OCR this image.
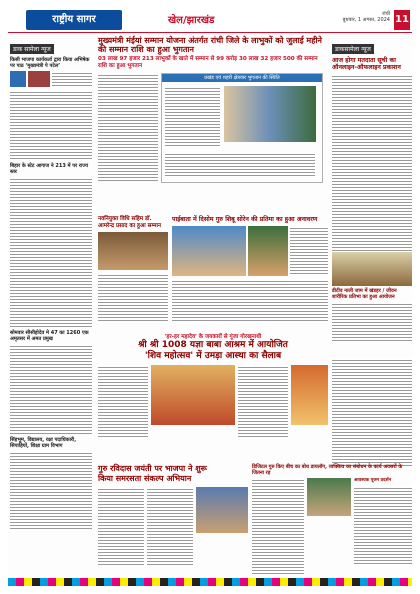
राष्ट्रीय सागर	खेल/झारखंड
रांची
बुधवार, 1 अगस्त, 2024 11
डाक सामेला न्यूज
किसी भाजपा कार्यकर्ता द्वारा किया अभिषेक पर पाठ ‘मुख्यमंत्री पे पटेल’
बिहार के स्टेट आगाज ने 213 में पर राज्य स्तर
सोमवार सीसीहोदेव मे 47 का 1260 एक अमृतसर में अमत प्रमुख
सिंहभूम, विद्यालय, रक्षा पदाधिकारी, सिपाहियों, शिक्षा ग्राम विभाग
मुख्यमंत्री मंईयां सम्मान योजना अंतर्गत रांची जिले के लाभुकों को जुलाई महीने की सम्मान राशि का हुआ भुगतान
03 लाख 97 हजार 213 लाभुकों के खाते में सम्मान से 99 करोड़ 30 लाख 32 हजार 500 की सम्मान राशि का हुआ भुगतान
प्रखंड एवं शहरी क्षेत्रवार भुगतान की स्थिति
डाकसामेला न्यूज
आज होगा मतदाता सूची का ऑनलाइन-ऑफलाइन प्रकाशन
नवनियुक्त विधि सहिम डॉ. आमरेन्द्र प्रसाद का हुआ सम्मान
पाईबाता में दिसोम गुरु शिबू सोरेन की प्रतिमा का हुआ अनावरण
डीटीव नाली जाम में खंडहर / जीवन शारीरिक प्रतिभा का हुआ आयोजन
'हर-हर महादेव' के जयकारों से गूंजा गोरखनाथी
श्री श्री 1008 यज्ञा बाबा आश्रम में आयोजित
'शिव महोत्सव' में उमड़ा आस्था का सैलाब
गुरु रविदास जयंती पर भाजपा ने शुरू
किया समरसता संकल्प अभियान
डिजिटल गुरु किए बीच का बोध डायलॉग, व्यक्तित्व का संबोधन के कार्य अवसरों के जितना रह
आवश्यक पूजन प्रदर्शन
